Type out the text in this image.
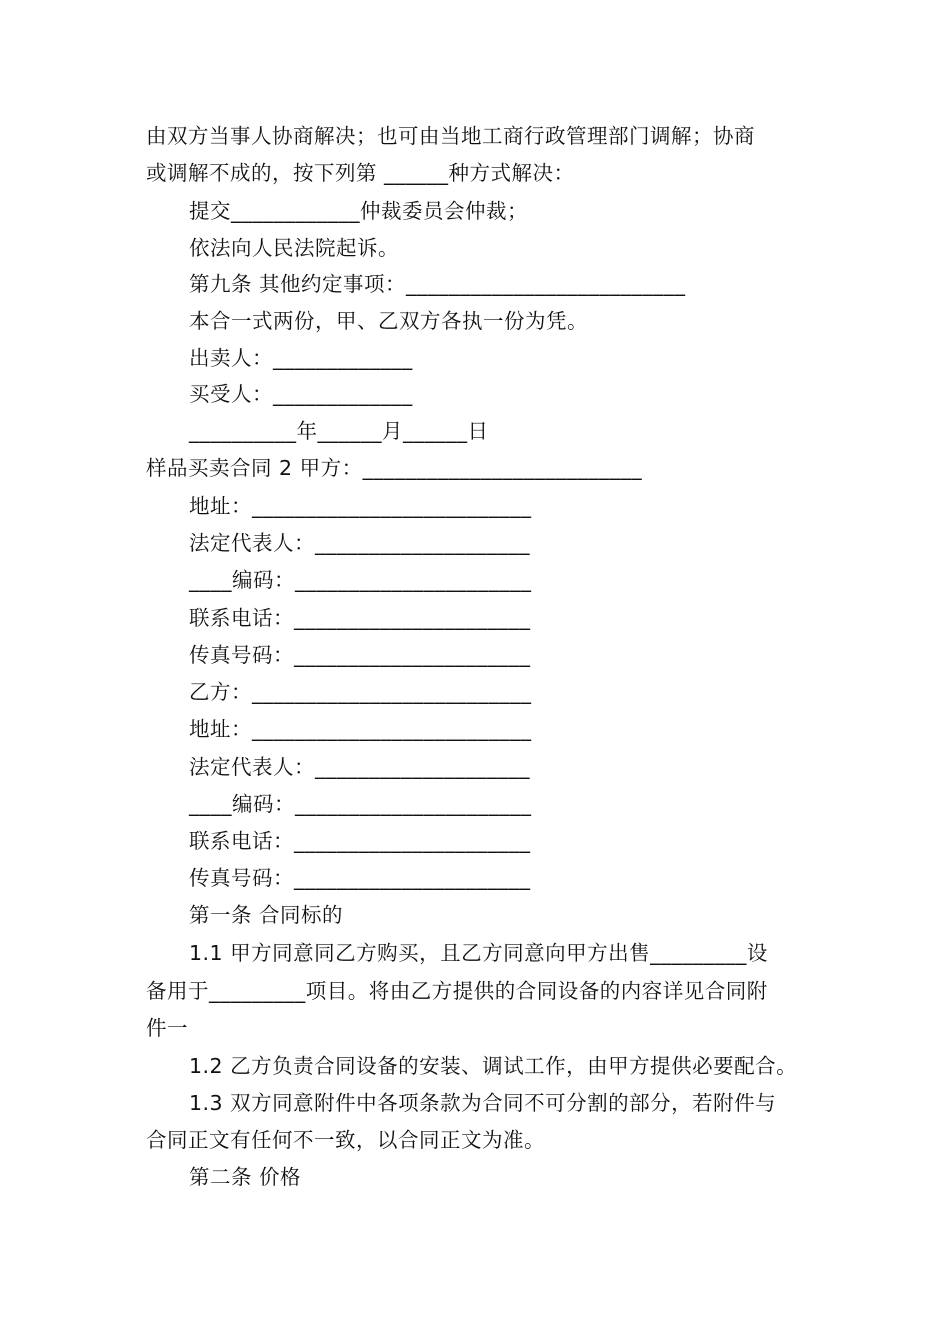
由双方当事人协商解决；也可由当地工商行政管理部门调解；协商
或调解不成的，按下列第 ______种方式解决：
提交____________仲裁委员会仲裁；
依法向人民法院起诉。
第九条 其他约定事项：__________________________
本合一式两份，甲、乙双方各执一份为凭。
出卖人：_____________
买受人：_____________
__________年______月______日
样品买卖合同 2 甲方：__________________________
地址：__________________________
法定代表人：____________________
____编码：______________________
联系电话：______________________
传真号码：______________________
乙方：__________________________
地址：__________________________
法定代表人：____________________
____编码：______________________
联系电话：______________________
传真号码：______________________
第一条 合同标的
1.1 甲方同意同乙方购买，且乙方同意向甲方出售_________设
备用于_________项目。将由乙方提供的合同设备的内容详见合同附
件一
1.2 乙方负责合同设备的安装、调试工作，由甲方提供必要配合。
1.3 双方同意附件中各项条款为合同不可分割的部分，若附件与
合同正文有任何不一致，以合同正文为准。
第二条 价格
